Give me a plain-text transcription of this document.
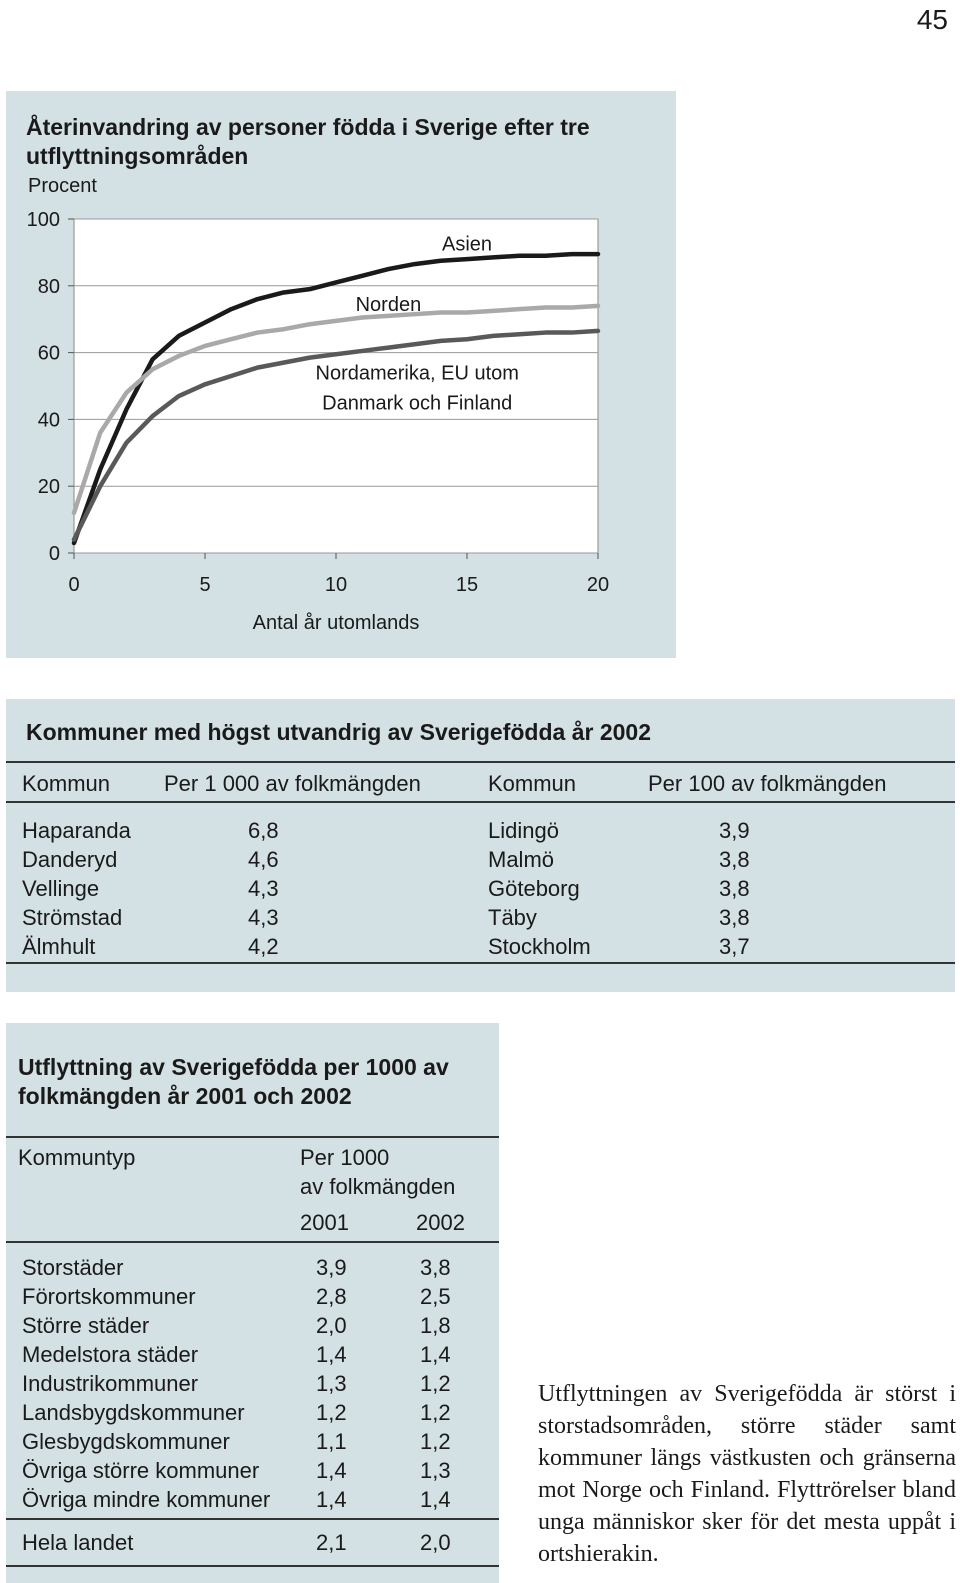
45
Återinvandring av personer födda i Sverige efter tre utflyttningsområden
Procent
0
20
40
60
80
100
0	5	10	15	20
Antal år utomlands
Asien
Norden
Nordamerika, EU utom
Danmark och Finland
Kommuner med högst utvandrig av Sverigefödda år 2002
Kommun Per 1 000 av folkmängden	Kommun	Per 100 av folkmängden
Haparanda	6,8	Lidingö	3,9
Danderyd	4,6	Malmö	3,8
Vellinge	4,3	Göteborg	3,8
Strömstad	4,3	Täby	3,8
Älmhult	4,2	Stockholm	3,7
Utflyttning av Sverigefödda per 1000 av folkmängden år 2001 och 2002
Kommuntyp	Per 1000
av folkmängden
2001	2002
Storstäder	3,9	3,8
Förortskommuner	2,8	2,5
Större städer	2,0	1,8
Medelstora städer	1,4	1,4
Industrikommuner	1,3	1,2
Landsbygdskommuner	1,2	1,2
Glesbygdskommuner	1,1	1,2
Övriga större kommuner	1,4	1,3
Övriga mindre kommuner 1,4	1,4
Hela landet	2,1	2,0
Utflyttningen av Sverigefödda är störst i storstadsområden, större städer samt kommuner längs västkusten och gränserna mot Norge och Finland. Flyttrörelser bland unga människor sker för det mesta uppåt i ortshierakin.
